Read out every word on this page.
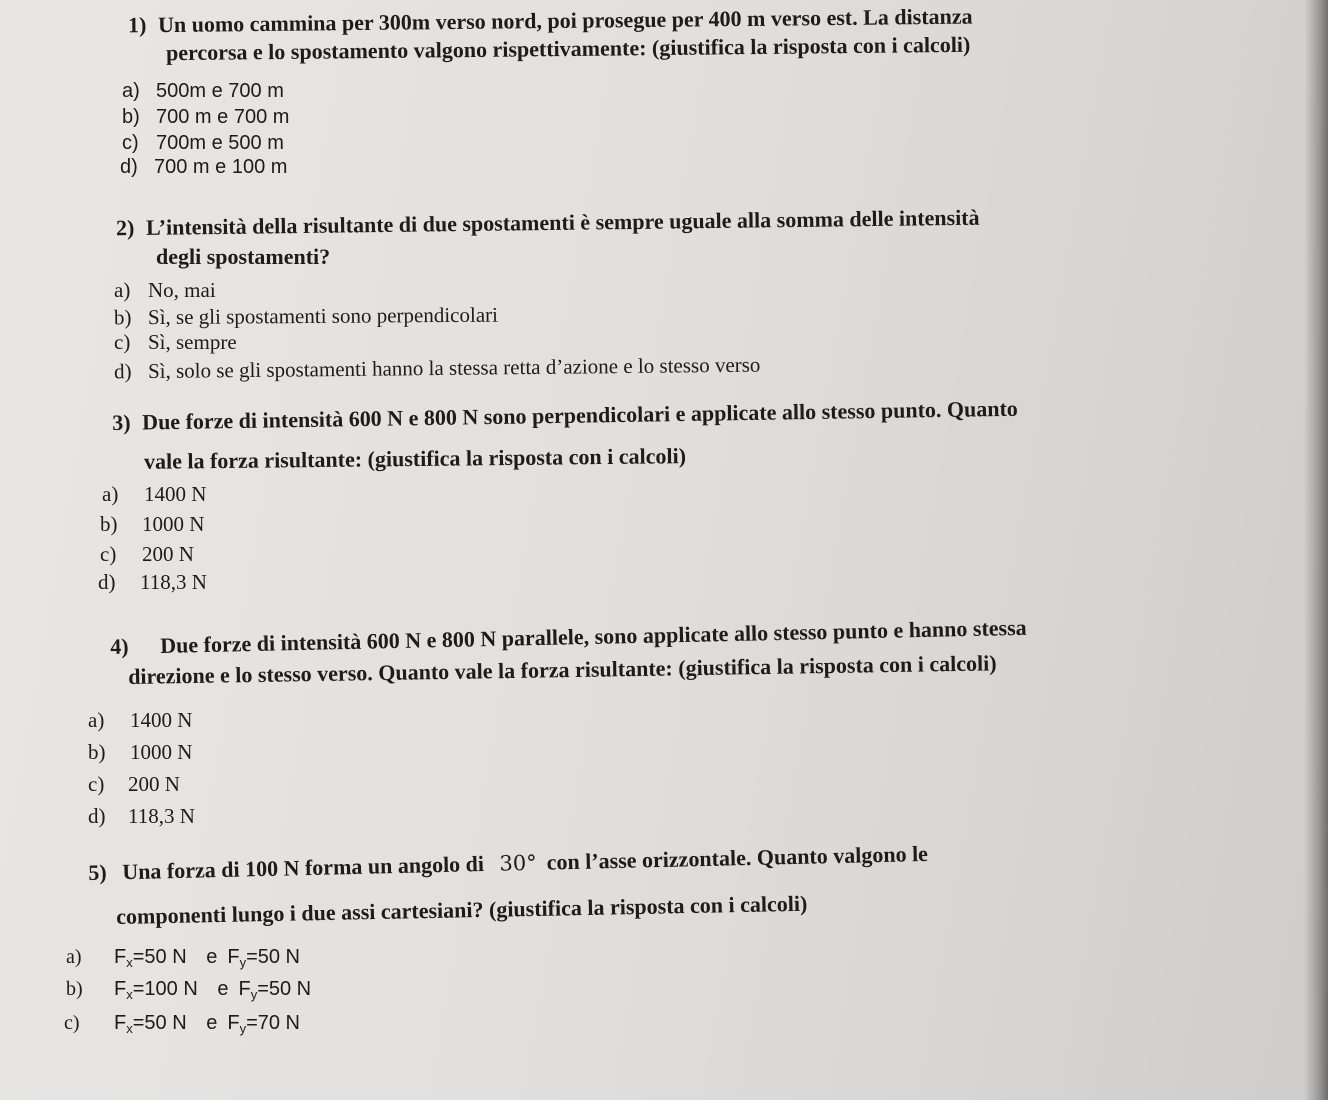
1) Un uomo cammina per 300m verso nord, poi prosegue per 400 m verso est. La distanza
percorsa e lo spostamento valgono rispettivamente: (giustifica la risposta con i calcoli)
a) 500m e 700 m
b) 700 m e 700 m
c) 700m e 500 m
d) 700 m e 100 m
2) L’intensità della risultante di due spostamenti è sempre uguale alla somma delle intensità
degli spostamenti?
a) No, mai
b) Sì, se gli spostamenti sono perpendicolari
c) Sì, sempre
d) Sì, solo se gli spostamenti hanno la stessa retta d’azione e lo stesso verso
3) Due forze di intensità 600 N e 800 N sono perpendicolari e applicate allo stesso punto. Quanto
vale la forza risultante: (giustifica la risposta con i calcoli)
a) 1400 N
b) 1000 N
c) 200 N
d) 118,3 N
4) Due forze di intensità 600 N e 800 N parallele, sono applicate allo stesso punto e hanno stessa
direzione e lo stesso verso. Quanto vale la forza risultante: (giustifica la risposta con i calcoli)
a) 1400 N
b) 1000 N
c) 200 N
d) 118,3 N
5) Una forza di 100 N forma un angolo di 30° con l’asse orizzontale. Quanto valgono le
componenti lungo i due assi cartesiani? (giustifica la risposta con i calcoli)
a) $F_x=50$ N e $F_y=50$ N
b) $F_x=100$ N e $F_y=50$ N
c) $F_x=50$ N e $F_y=70$ N
